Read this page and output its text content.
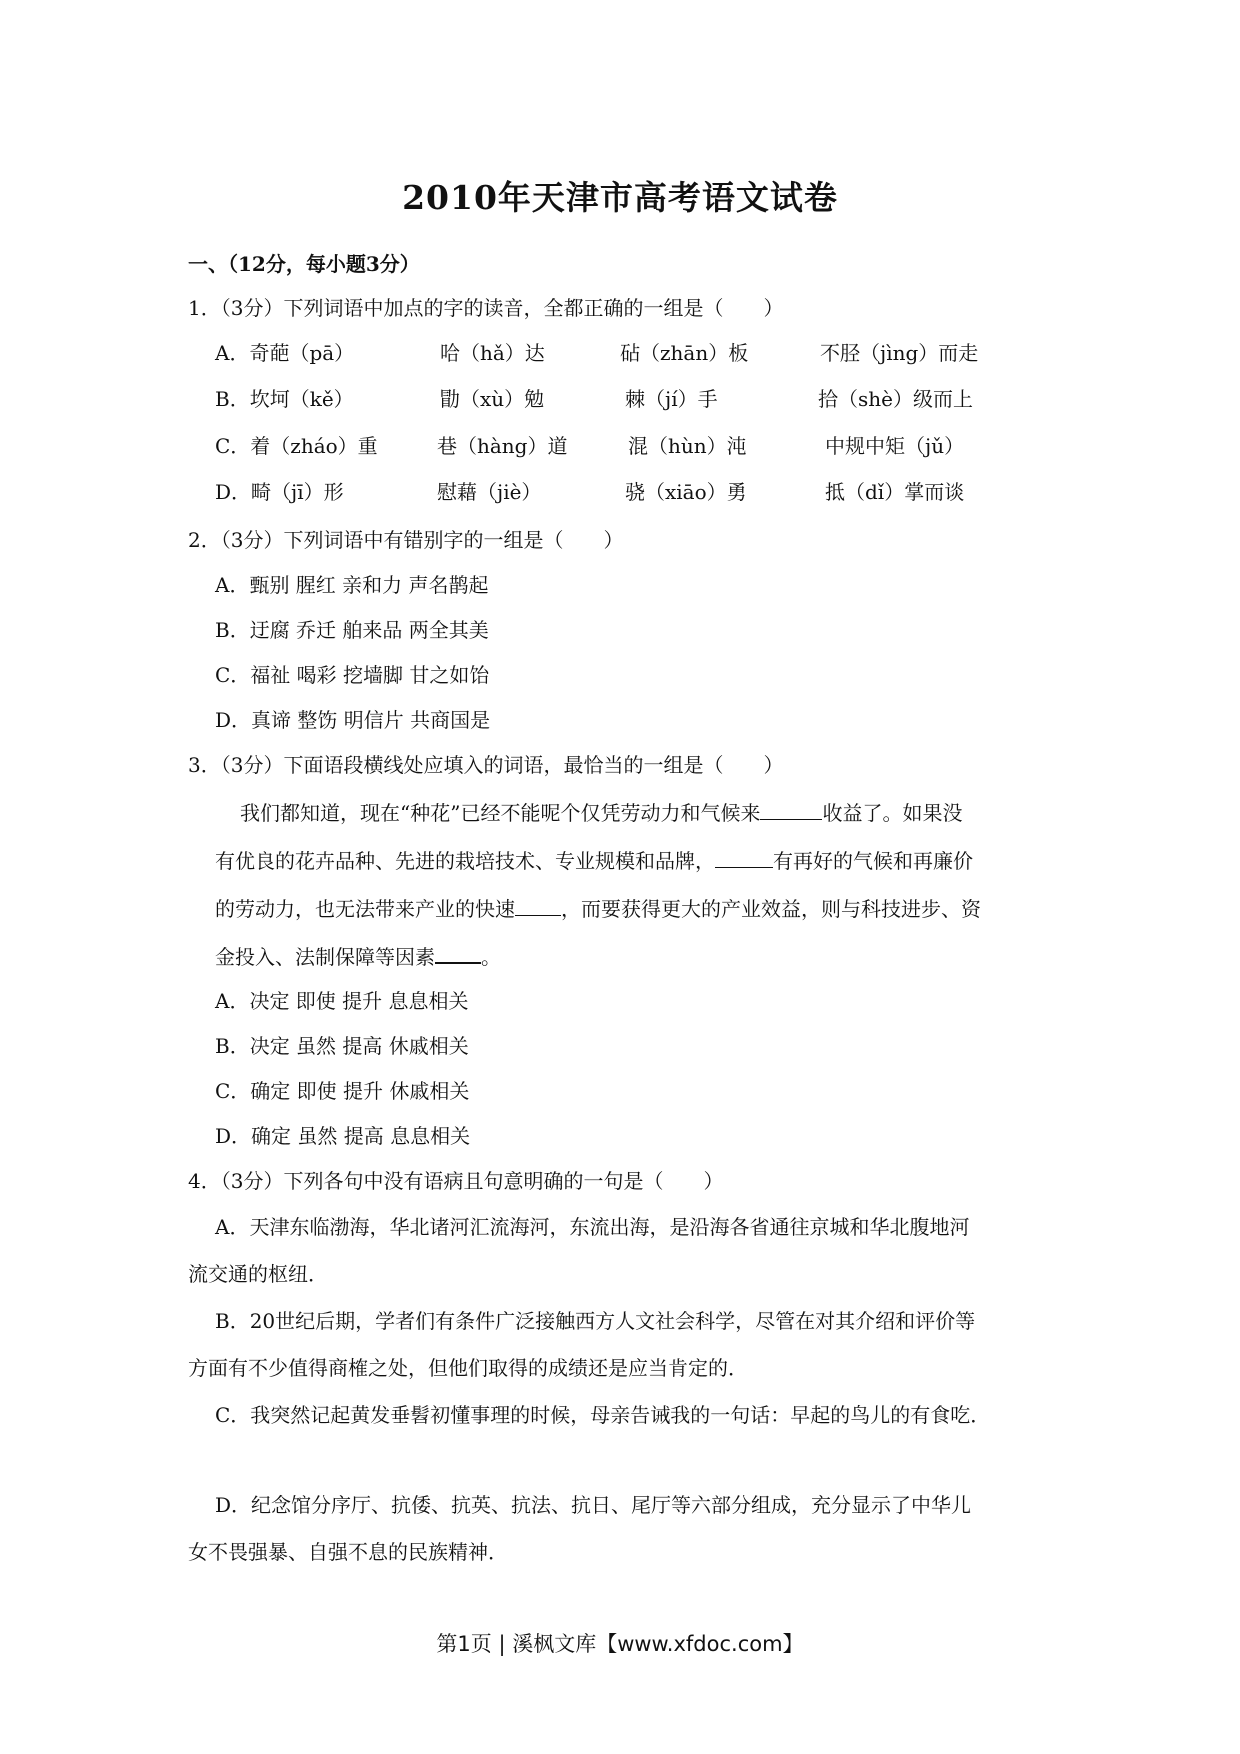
2010年天津市高考语文试卷
一、（12分，每小题3分）
1．（3分）下列词语中加点的字的读音，全都正确的一组是（　　）
A．奇葩（pā）	哈（hǎ）达	砧（zhān）板	不胫（jìng）而走
B．坎坷（kě）	勖（xù）勉	棘（jí）手	拾（shè）级而上
C．着（zháo）重	巷（hàng）道	混（hùn）沌	中规中矩（jǔ）
D．畸（jī）形	慰藉（jiè）	骁（xiāo）勇	抵（dǐ）掌而谈
2．（3分）下列词语中有错别字的一组是（　　）
A．甄别 腥红 亲和力 声名鹊起
B．迂腐 乔迁 舶来品 两全其美
C．福祉 喝彩 挖墙脚 甘之如饴
D．真谛 整饬 明信片 共商国是
3．（3分）下面语段横线处应填入的词语，最恰当的一组是（　　）
我们都知道，现在“种花”已经不能呢个仅凭劳动力和气候来	收益了。如果没
有优良的花卉品种、先进的栽培技术、专业规模和品牌，	有再好的气候和再廉价
的劳动力，也无法带来产业的快速 ，而要获得更大的产业效益，则与科技进步、资
金投入、法制保障等因素 。
A．决定 即使 提升 息息相关
B．决定 虽然 提高 休戚相关
C．确定 即使 提升 休戚相关
D．确定 虽然 提高 息息相关
4．（3分）下列各句中没有语病且句意明确的一句是（　　）
A．天津东临渤海，华北诸河汇流海河，东流出海，是沿海各省通往京城和华北腹地河
流交通的枢纽．
B．20世纪后期，学者们有条件广泛接触西方人文社会科学，尽管在对其介绍和评价等
方面有不少值得商榷之处，但他们取得的成绩还是应当肯定的．
C．我突然记起黄发垂髫初懂事理的时候，母亲告诫我的一句话：早起的鸟儿的有食吃．
D．纪念馆分序厅、抗倭、抗英、抗法、抗日、尾厅等六部分组成，充分显示了中华儿
女不畏强暴、自强不息的民族精神．
第1页 | 溪枫文库【www.xfdoc.com】
